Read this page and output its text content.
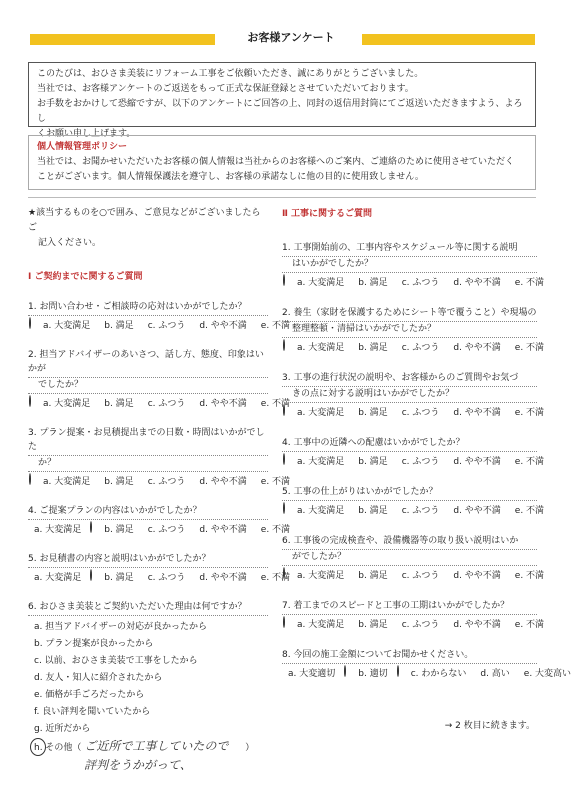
お客様アンケート
このたびは、おひさま美装にリフォーム工事をご依頼いただき、誠にありがとうございました。
当社では、お客様アンケートのご返送をもって正式な保証登録とさせていただいております。
お手数をおかけして恐縮ですが、以下のアンケートにご回答の上、同封の返信用封筒にてご返送いただきますよう、よろし
くお願い申し上げます。
個人情報管理ポリシー
当社では、お聞かせいただいたお客様の個人情報は当社からのお客様へのご案内、ご連絡のために使用させていただく
ことがございます。個人情報保護法を遵守し、お客様の承諾なしに他の目的に使用致しません。
★該当するものを○で囲み、ご意見などがございましたらご
記入ください。
Ⅰ ご契約までに関するご質問
1. お問い合わせ・ご相談時の応対はいかがでしたか？
a. 大変満足	b. 満足	c. ふつう	d. やや不満	e. 不満
2. 担当アドバイザーのあいさつ、話し方、態度、印象はいかが
でしたか？
a. 大変満足	b. 満足	c. ふつう	d. やや不満	e. 不満
3. プラン提案・お見積提出までの日数・時間はいかがでした
か？
a. 大変満足	b. 満足	c. ふつう	d. やや不満	e. 不満
4. ご提案プランの内容はいかがでしたか？
a. 大変満足	b. 満足	c. ふつう	d. やや不満	e. 不満
5. お見積書の内容と説明はいかがでしたか？
a. 大変満足	b. 満足	c. ふつう	d. やや不満	e. 不満
6. おひさま美装とご契約いただいた理由は何ですか？
a. 担当アドバイザーの対応が良かったから
b. プラン提案が良かったから
c. 以前、おひさま美装で工事をしたから
d. 友人・知人に紹介されたから
e. 価格が手ごろだったから
f. 良い評判を聞いていたから
g. 近所だから
h. その他（ ご近所で工事していたので ）
評判をうかがって、
Ⅱ 工事に関するご質問
1. 工事開始前の、工事内容やスケジュール等に関する説明
はいかがでしたか？
a. 大変満足	b. 満足	c. ふつう	d. やや不満	e. 不満
2. 養生（家財を保護するためにシート等で覆うこと）や現場の
整理整頓・清掃はいかがでしたか？
a. 大変満足	b. 満足	c. ふつう	d. やや不満	e. 不満
3. 工事の進行状況の説明や、お客様からのご質問やお気づ
きの点に対する説明はいかがでしたか？
a. 大変満足	b. 満足	c. ふつう	d. やや不満	e. 不満
4. 工事中の近隣への配慮はいかがでしたか？
a. 大変満足	b. 満足	c. ふつう	d. やや不満	e. 不満
5. 工事の仕上がりはいかがでしたか？
a. 大変満足	b. 満足	c. ふつう	d. やや不満	e. 不満
6. 工事後の完成検査や、設備機器等の取り扱い説明はいか
がでしたか？
a. 大変満足	b. 満足	c. ふつう	d. やや不満	e. 不満
7. 着工までのスピードと工事の工期はいかがでしたか？
a. 大変満足	b. 満足	c. ふつう	d. やや不満	e. 不満
8. 今回の施工金額についてお聞かせください。
a. 大変適切	b. 適切	c. わからない	d. 高い	e. 大変高い
→ 2 枚目に続きます。
